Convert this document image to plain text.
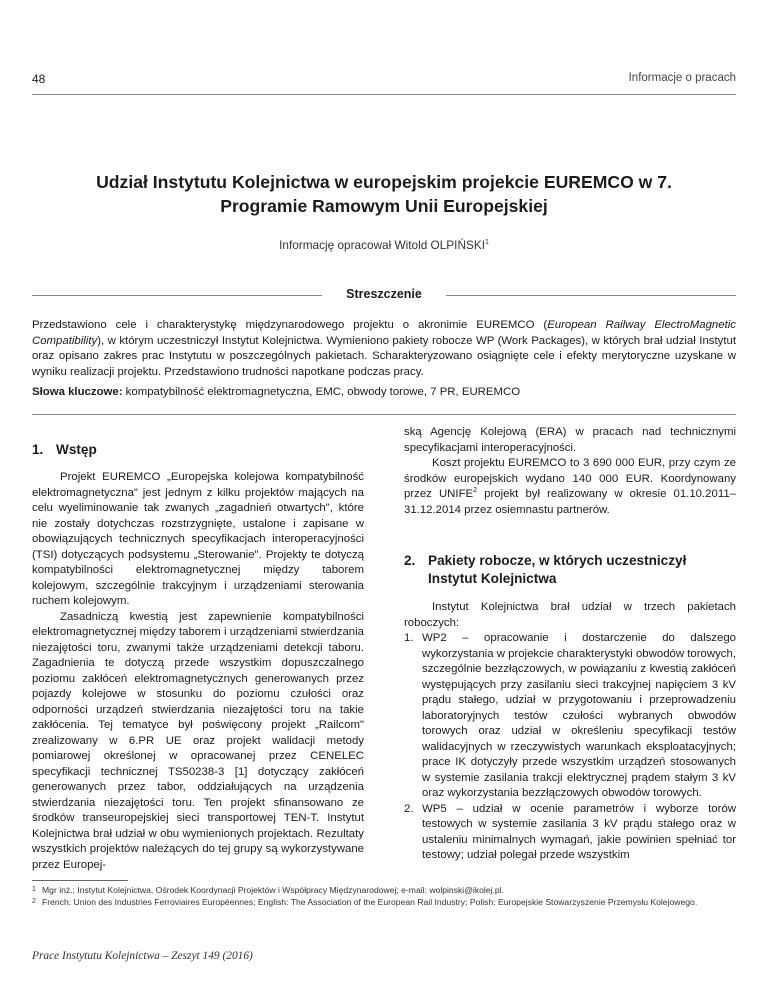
48	Informacje o pracach
Udział Instytutu Kolejnictwa w europejskim projekcie EUREMCO w 7.
Programie Ramowym Unii Europejskiej
Informację opracował Witold OLPIŃSKI$^1$
Streszczenie
Przedstawiono cele i charakterystykę międzynarodowego projektu o akronimie EUREMCO (European Railway ElectroMagnetic Compatibility), w którym uczestniczył Instytut Kolejnictwa. Wymieniono pakiety robocze WP (Work Packages), w których brał udział Instytut oraz opisano zakres prac Instytutu w poszczególnych pakietach. Scharakteryzowano osiągnięte cele i efekty merytoryczne uzyskane w wyniku realizacji projektu. Przedstawiono trudności napotkane podczas pracy.
Słowa kluczowe: kompatybilność elektromagnetyczna, EMC, obwody torowe, 7 PR, EUREMCO
1. Wstęp

Projekt EUREMCO „Europejska kolejowa kompatybilność elektromagnetyczna" jest jednym z kilku projektów mających na celu wyeliminowanie tak zwanych „zagadnień otwartych", które nie zostały dotychczas rozstrzygnięte, ustalone i zapisane w obowiązujących technicznych specyfikacjach interoperacyjności (TSI) dotyczących podsystemu „Sterowanie". Projekty te dotyczą kompatybilności elektromagnetycznej między taborem kolejowym, szczególnie trakcyjnym i urządzeniami sterowania ruchem kolejowym.

Zasadniczą kwestią jest zapewnienie kompatybilności elektromagnetycznej między taborem i urządzeniami stwierdzania niezajętości toru, zwanymi także urządzeniami detekcji taboru. Zagadnienia te dotyczą przede wszystkim dopuszczalnego poziomu zakłóceń elektromagnetycznych generowanych przez pojazdy kolejowe w stosunku do poziomu czułości oraz odporności urządzeń stwierdzania niezajętości toru na takie zakłócenia. Tej tematyce był poświęcony projekt „Railcom" zrealizowany w 6.PR UE oraz projekt walidacji metody pomiarowej określonej w opracowanej przez CENELEC specyfikacji technicznej TS50238-3 [1] dotyczący zakłóceń generowanych przez tabor, oddziałujących na urządzenia stwierdzania niezajętości toru. Ten projekt sfinansowano ze środków transeuropejskiej sieci transportowej TEN-T. Instytut Kolejnictwa brał udział w obu wymienionych projektach. Rezultaty wszystkich projektów należących do tej grupy są wykorzystywane przez Europej-

ską Agencję Kolejową (ERA) w pracach nad technicznymi specyfikacjami interoperacyjności.

Koszt projektu EUREMCO to 3 690 000 EUR, przy czym ze środków europejskich wydano 140 000 EUR. Koordynowany przez UNIFE$^2$ projekt był realizowany w okresie 01.10.2011–31.12.2014 przez osiemnastu partnerów.

2. Pakiety robocze, w których uczestniczył Instytut Kolejnictwa

Instytut Kolejnictwa brał udział w trzech pakietach roboczych:

1. WP2 – opracowanie i dostarczenie do dalszego wykorzystania w projekcie charakterystyki obwodów torowych, szczególnie bezzłączowych, w powiązaniu z kwestią zakłóceń występujących przy zasilaniu sieci trakcyjnej napięciem 3 kV prądu stałego, udział w przygotowaniu i przeprowadzeniu laboratoryjnych testów czułości wybranych obwodów torowych oraz udział w określeniu specyfikacji testów walidacyjnych w rzeczywistych warunkach eksploatacyjnych; prace IK dotyczyły przede wszystkim urządzeń stosowanych w systemie zasilania trakcji elektrycznej prądem stałym 3 kV oraz wykorzystania bezzłączowych obwodów torowych.
2. WP5 – udział w ocenie parametrów i wyborze torów testowych w systemie zasilania 3 kV prądu stałego oraz w ustaleniu minimalnych wymagań, jakie powinien spełniać tor testowy; udział polegał przede wszystkim
1 Mgr inż.; Instytut Kolejnictwa, Ośrodek Koordynacji Projektów i Współpracy Międzynarodowej; e-mail: wolpinski@ikolej.pl.
2 French: Union des Industries Ferroviaires Européennes; English: The Association of the European Rail Industry; Polish: Europejskie Stowarzyszenie Przemysłu Kolejowego.
Prace Instytutu Kolejnictwa – Zeszyt 149 (2016)
